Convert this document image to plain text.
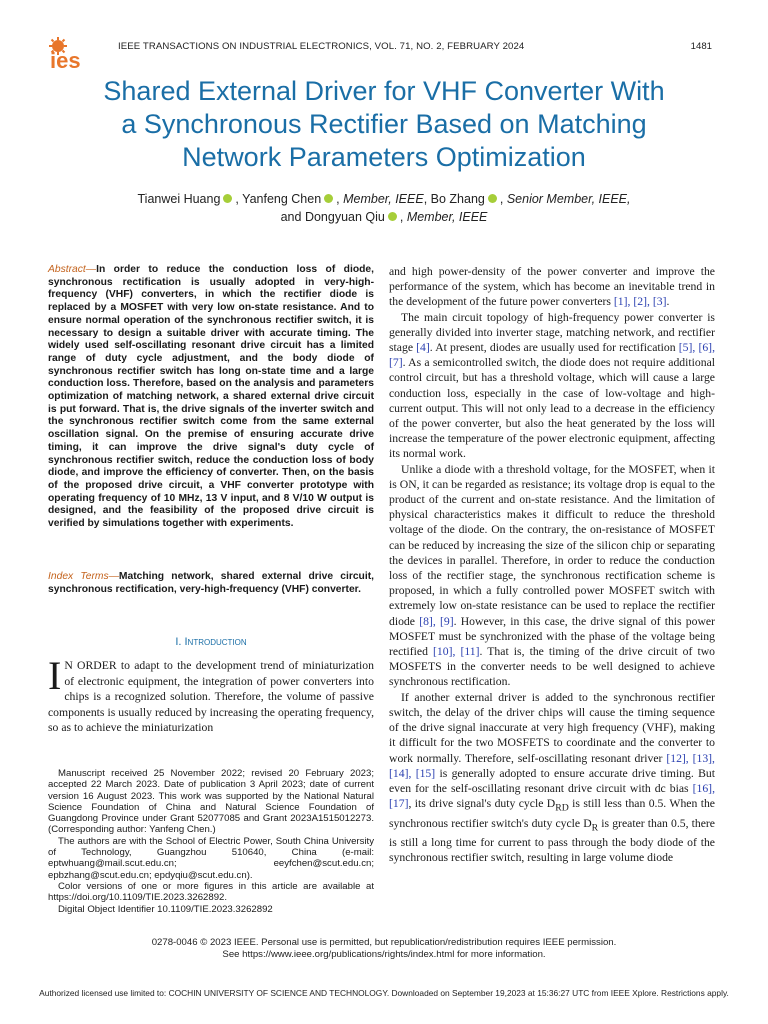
ies
IEEE TRANSACTIONS ON INDUSTRIAL ELECTRONICS, VOL. 71, NO. 2, FEBRUARY 2024	1481
Shared External Driver for VHF Converter With
a Synchronous Rectifier Based on Matching
Network Parameters Optimization
Tianwei Huang , Yanfeng Chen , Member, IEEE, Bo Zhang , Senior Member, IEEE,
and Dongyuan Qiu , Member, IEEE
Abstract—In order to reduce the conduction loss of diode, synchronous rectification is usually adopted in very-high-frequency (VHF) converters, in which the rectifier diode is replaced by a MOSFET with very low on-state resistance. And to ensure normal operation of the synchronous rectifier switch, it is necessary to design a suitable driver with accurate timing. The widely used self-oscillating resonant drive circuit has a limited range of duty cycle adjustment, and the body diode of synchronous rectifier switch has long on-state time and a large conduction loss. Therefore, based on the analysis and parameters optimization of matching network, a shared external drive circuit is put forward. That is, the drive signals of the inverter switch and the synchronous rectifier switch come from the same external oscillation signal. On the premise of ensuring accurate drive timing, it can improve the drive signal's duty cycle of synchronous rectifier switch, reduce the conduction loss of body diode, and improve the efficiency of converter. Then, on the basis of the proposed drive circuit, a VHF converter prototype with operating frequency of 10 MHz, 13 V input, and 8 V/10 W output is designed, and the feasibility of the proposed drive circuit is verified by simulations together with experiments.
Index Terms—Matching network, shared external drive circuit, synchronous rectification, very-high-frequency (VHF) converter.
I. Introduction
I N ORDER to adapt to the development trend of miniaturization of electronic equipment, the integration of power converters into chips is a recognized solution. Therefore, the volume of passive components is usually reduced by increasing the operating frequency, so as to achieve the miniaturization

Manuscript received 25 November 2022; revised 20 February 2023; accepted 22 March 2023. Date of publication 3 April 2023; date of current version 16 August 2023. This work was supported by the National Natural Science Foundation of China and Natural Science Foundation of Guangdong Province under Grant 52077085 and Grant 2023A1515012273. (Corresponding author: Yanfeng Chen.)

The authors are with the School of Electric Power, South China University of Technology, Guangzhou 510640, China (e-mail: eptwhuang@mail.scut.edu.cn; eeyfchen@scut.edu.cn; epbzhang@scut.edu.cn; epdyqiu@scut.edu.cn).

Color versions of one or more figures in this article are available at https://doi.org/10.1109/TIE.2023.3262892.

Digital Object Identifier 10.1109/TIE.2023.3262892

and high power-density of the power converter and improve the performance of the system, which has become an inevitable trend in the development of the future power converters [1], [2], [3].

The main circuit topology of high-frequency power converter is generally divided into inverter stage, matching network, and rectifier stage [4]. At present, diodes are usually used for rectification [5], [6], [7]. As a semicontrolled switch, the diode does not require additional control circuit, but has a threshold voltage, which will cause a large conduction loss, especially in the case of low-voltage and high-current output. This will not only lead to a decrease in the efficiency of the power converter, but also the heat generated by the loss will increase the temperature of the power electronic equipment, affecting its normal work.

Unlike a diode with a threshold voltage, for the MOSFET, when it is ON, it can be regarded as resistance; its voltage drop is equal to the product of the current and on-state resistance. And the limitation of physical characteristics makes it difficult to reduce the threshold voltage of the diode. On the contrary, the on-resistance of MOSFET can be reduced by increasing the size of the silicon chip or separating the devices in parallel. Therefore, in order to reduce the conduction loss of the rectifier stage, the synchronous rectification scheme is proposed, in which a fully controlled power MOSFET switch with extremely low on-state resistance can be used to replace the rectifier diode [8], [9]. However, in this case, the drive signal of this power MOSFET must be synchronized with the phase of the voltage being rectified [10], [11]. That is, the timing of the drive circuit of two MOSFETS in the converter needs to be well designed to achieve synchronous rectification.

If another external driver is added to the synchronous rectifier switch, the delay of the driver chips will cause the timing sequence of the drive signal inaccurate at very high frequency (VHF), making it difficult for the two MOSFETS to coordinate and the converter to work normally. Therefore, self-oscillating resonant driver [12], [13], [14], [15] is generally adopted to ensure accurate drive timing. But even for the self-oscillating resonant drive circuit with dc bias [16], [17], its drive signal's duty cycle $D_{RD}$ is still less than 0.5. When the synchronous rectifier switch's duty cycle $D_R$ is greater than 0.5, there is still a long time for current to pass through the body diode of the synchronous rectifier switch, resulting in large volume diode

0278-0046 © 2023 IEEE. Personal use is permitted, but republication/redistribution requires IEEE permission.
See https://www.ieee.org/publications/rights/index.html for more information.
Authorized licensed use limited to: COCHIN UNIVERSITY OF SCIENCE AND TECHNOLOGY. Downloaded on September 19,2023 at 15:36:27 UTC from IEEE Xplore. Restrictions apply.
